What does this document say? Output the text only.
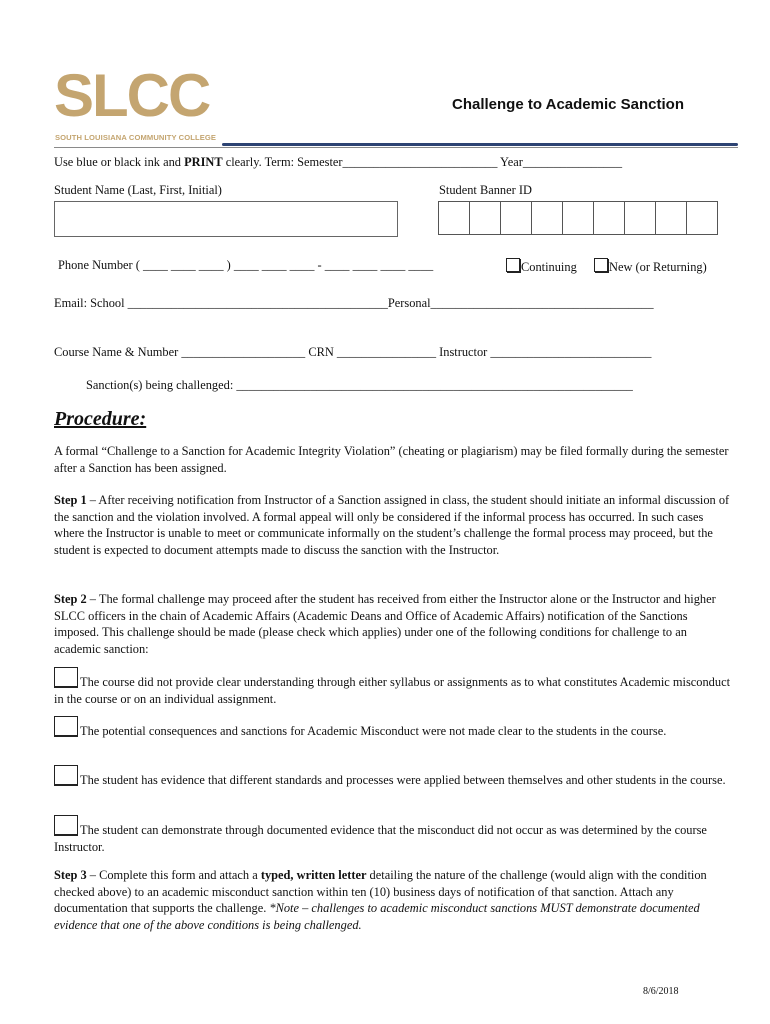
SLCC
SOUTH LOUISIANA COMMUNITY COLLEGE
Challenge to Academic Sanction
Use blue or black ink and PRINT clearly. Term: Semester_________________________ Year________________
Student Name (Last, First, Initial)	Student Banner ID
Phone Number ( ____ ____ ____ ) ____ ____ ____ - ____ ____ ____ ____	Continuing	New (or Returning)
Email: School __________________________________________Personal____________________________________
Course Name & Number ____________________ CRN ________________ Instructor __________________________
Sanction(s) being challenged: ________________________________________________________________
Procedure:
A formal “Challenge to a Sanction for Academic Integrity Violation” (cheating or plagiarism) may be filed formally during the semester after a Sanction has been assigned.
Step 1 – After receiving notification from Instructor of a Sanction assigned in class, the student should initiate an informal discussion of the sanction and the violation involved. A formal appeal will only be considered if the informal process has occurred. In such cases where the Instructor is unable to meet or communicate informally on the student’s challenge the formal process may proceed, but the student is expected to document attempts made to discuss the sanction with the Instructor.
Step 2 – The formal challenge may proceed after the student has received from either the Instructor alone or the Instructor and higher SLCC officers in the chain of Academic Affairs (Academic Deans and Office of Academic Affairs) notification of the Sanctions imposed. This challenge should be made (please check which applies) under one of the following conditions for challenge to an academic sanction:
The course did not provide clear understanding through either syllabus or assignments as to what constitutes Academic misconduct in the course or on an individual assignment.
The potential consequences and sanctions for Academic Misconduct were not made clear to the students in the course.
The student has evidence that different standards and processes were applied between themselves and other students in the course.
The student can demonstrate through documented evidence that the misconduct did not occur as was determined by the course Instructor.
Step 3 – Complete this form and attach a typed, written letter detailing the nature of the challenge (would align with the condition checked above) to an academic misconduct sanction within ten (10) business days of notification of that sanction. Attach any documentation that supports the challenge. *Note – challenges to academic misconduct sanctions MUST demonstrate documented evidence that one of the above conditions is being challenged.
8/6/2018
